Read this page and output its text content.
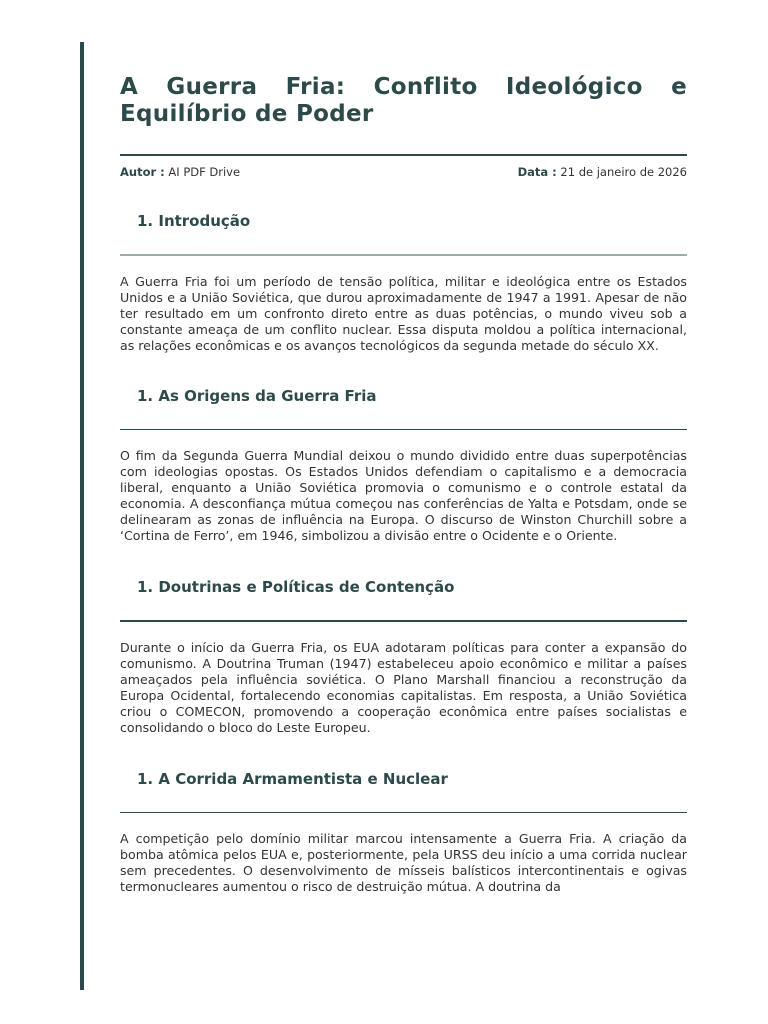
A Guerra Fria: Conflito Ideológico e Equilíbrio de Poder
Autor : AI PDF Drive	Data : 21 de janeiro de 2026
1. Introdução

A Guerra Fria foi um período de tensão política, militar e ideológica entre os Estados Unidos e a União Soviética, que durou aproximadamente de 1947 a 1991. Apesar de não ter resultado em um confronto direto entre as duas potências, o mundo viveu sob a constante ameaça de um conflito nuclear. Essa disputa moldou a política internacional, as relações econômicas e os avanços tecnológicos da segunda metade do século XX.

1. As Origens da Guerra Fria

O fim da Segunda Guerra Mundial deixou o mundo dividido entre duas superpotências com ideologias opostas. Os Estados Unidos defendiam o capitalismo e a democracia liberal, enquanto a União Soviética promovia o comunismo e o controle estatal da economia. A desconfiança mútua começou nas conferências de Yalta e Potsdam, onde se delinearam as zonas de influência na Europa. O discurso de Winston Churchill sobre a ‘Cortina de Ferro’, em 1946, simbolizou a divisão entre o Ocidente e o Oriente.

1. Doutrinas e Políticas de Contenção

Durante o início da Guerra Fria, os EUA adotaram políticas para conter a expansão do comunismo. A Doutrina Truman (1947) estabeleceu apoio econômico e militar a países ameaçados pela influência soviética. O Plano Marshall financiou a reconstrução da Europa Ocidental, fortalecendo economias capitalistas. Em resposta, a União Soviética criou o COMECON, promovendo a cooperação econômica entre países socialistas e consolidando o bloco do Leste Europeu.

1. A Corrida Armamentista e Nuclear

A competição pelo domínio militar marcou intensamente a Guerra Fria. A criação da bomba atômica pelos EUA e, posteriormente, pela URSS deu início a uma corrida nuclear sem precedentes. O desenvolvimento de mísseis balísticos intercontinentais e ogivas termonucleares aumentou o risco de destruição mútua. A doutrina da
